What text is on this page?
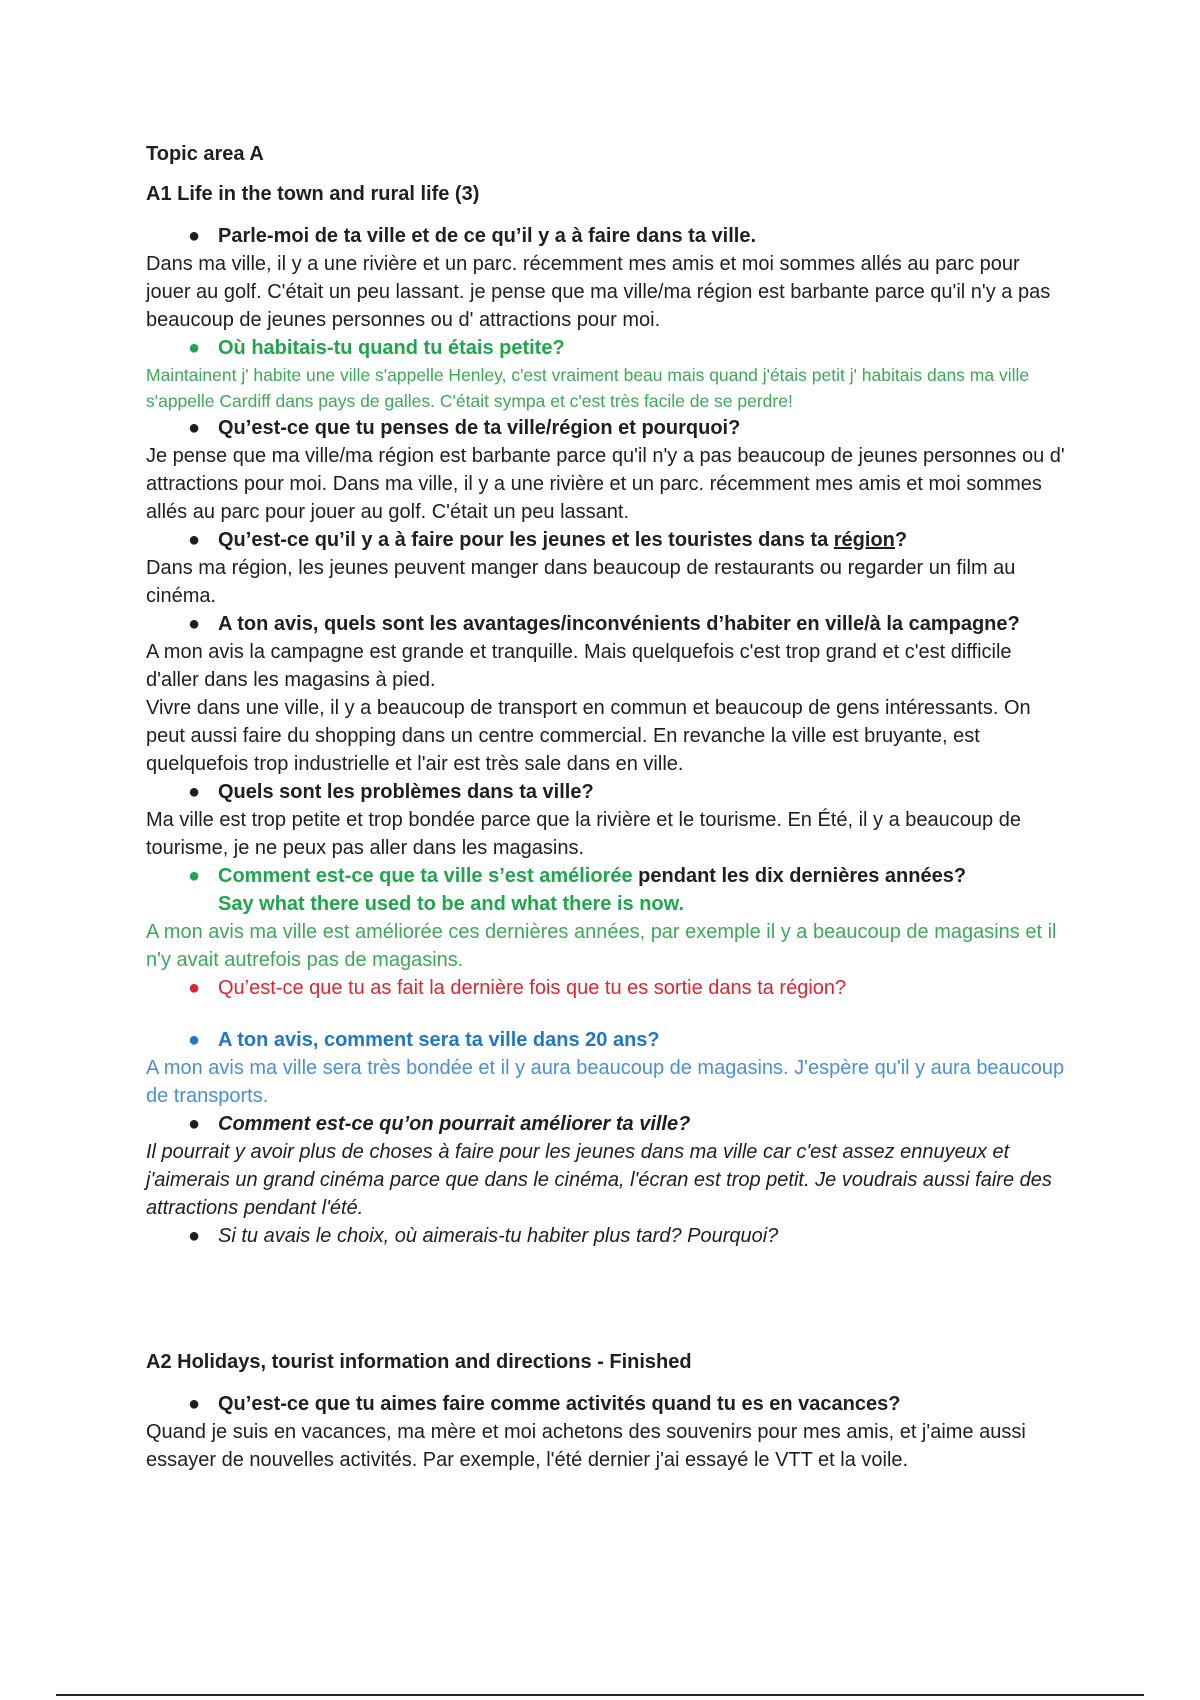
Topic area A

A1 Life in the town and rural life (3)

● Parle-moi de ta ville et de ce qu’il y a à faire dans ta ville.

Dans ma ville, il y a une rivière et un parc. récemment mes amis et moi sommes allés au parc pour jouer au golf. C'était un peu lassant. je pense que ma ville/ma région est barbante parce qu'il n'y a pas beaucoup de jeunes personnes ou d' attractions pour moi.

● Où habitais-tu quand tu étais petite?

Maintainent j' habite une ville s'appelle Henley, c'est vraiment beau mais quand j'étais petit j' habitais dans ma ville s'appelle Cardiff dans pays de galles. C'était sympa et c'est très facile de se perdre!

● Qu’est-ce que tu penses de ta ville/région et pourquoi?

Je pense que ma ville/ma région est barbante parce qu'il n'y a pas beaucoup de jeunes personnes ou d' attractions pour moi. Dans ma ville, il y a une rivière et un parc. récemment mes amis et moi sommes allés au parc pour jouer au golf. C'était un peu lassant.

● Qu’est-ce qu’il y a à faire pour les jeunes et les touristes dans ta région?

Dans ma région, les jeunes peuvent manger dans beaucoup de restaurants ou regarder un film au cinéma.

● A ton avis, quels sont les avantages/inconvénients d’habiter en ville/à la campagne?

A mon avis la campagne est grande et tranquille. Mais quelquefois c'est trop grand et c'est difficile d'aller dans les magasins à pied.

Vivre dans une ville, il y a beaucoup de transport en commun et beaucoup de gens intéressants. On peut aussi faire du shopping dans un centre commercial. En revanche la ville est bruyante, est quelquefois trop industrielle et l'air est très sale dans en ville.

● Quels sont les problèmes dans ta ville?

Ma ville est trop petite et trop bondée parce que la rivière et le tourisme. En Été, il y a beaucoup de tourisme, je ne peux pas aller dans les magasins.

● Comment est-ce que ta ville s’est améliorée pendant les dix dernières années?
Say what there used to be and what there is now.

A mon avis ma ville est améliorée ces dernières années, par exemple il y a beaucoup de magasins et il n'y avait autrefois pas de magasins.

● Qu’est-ce que tu as fait la dernière fois que tu es sortie dans ta région?

● A ton avis, comment sera ta ville dans 20 ans?

A mon avis ma ville sera très bondée et il y aura beaucoup de magasins. J'espère qu'il y aura beaucoup de transports.

● Comment est-ce qu’on pourrait améliorer ta ville?

Il pourrait y avoir plus de choses à faire pour les jeunes dans ma ville car c'est assez ennuyeux et j'aimerais un grand cinéma parce que dans le cinéma, l'écran est trop petit. Je voudrais aussi faire des attractions pendant l'été.

● Si tu avais le choix, où aimerais-tu habiter plus tard? Pourquoi?

A2 Holidays, tourist information and directions - Finished

● Qu’est-ce que tu aimes faire comme activités quand tu es en vacances?

Quand je suis en vacances, ma mère et moi achetons des souvenirs pour mes amis, et j'aime aussi essayer de nouvelles activités. Par exemple, l'été dernier j'ai essayé le VTT et la voile.
